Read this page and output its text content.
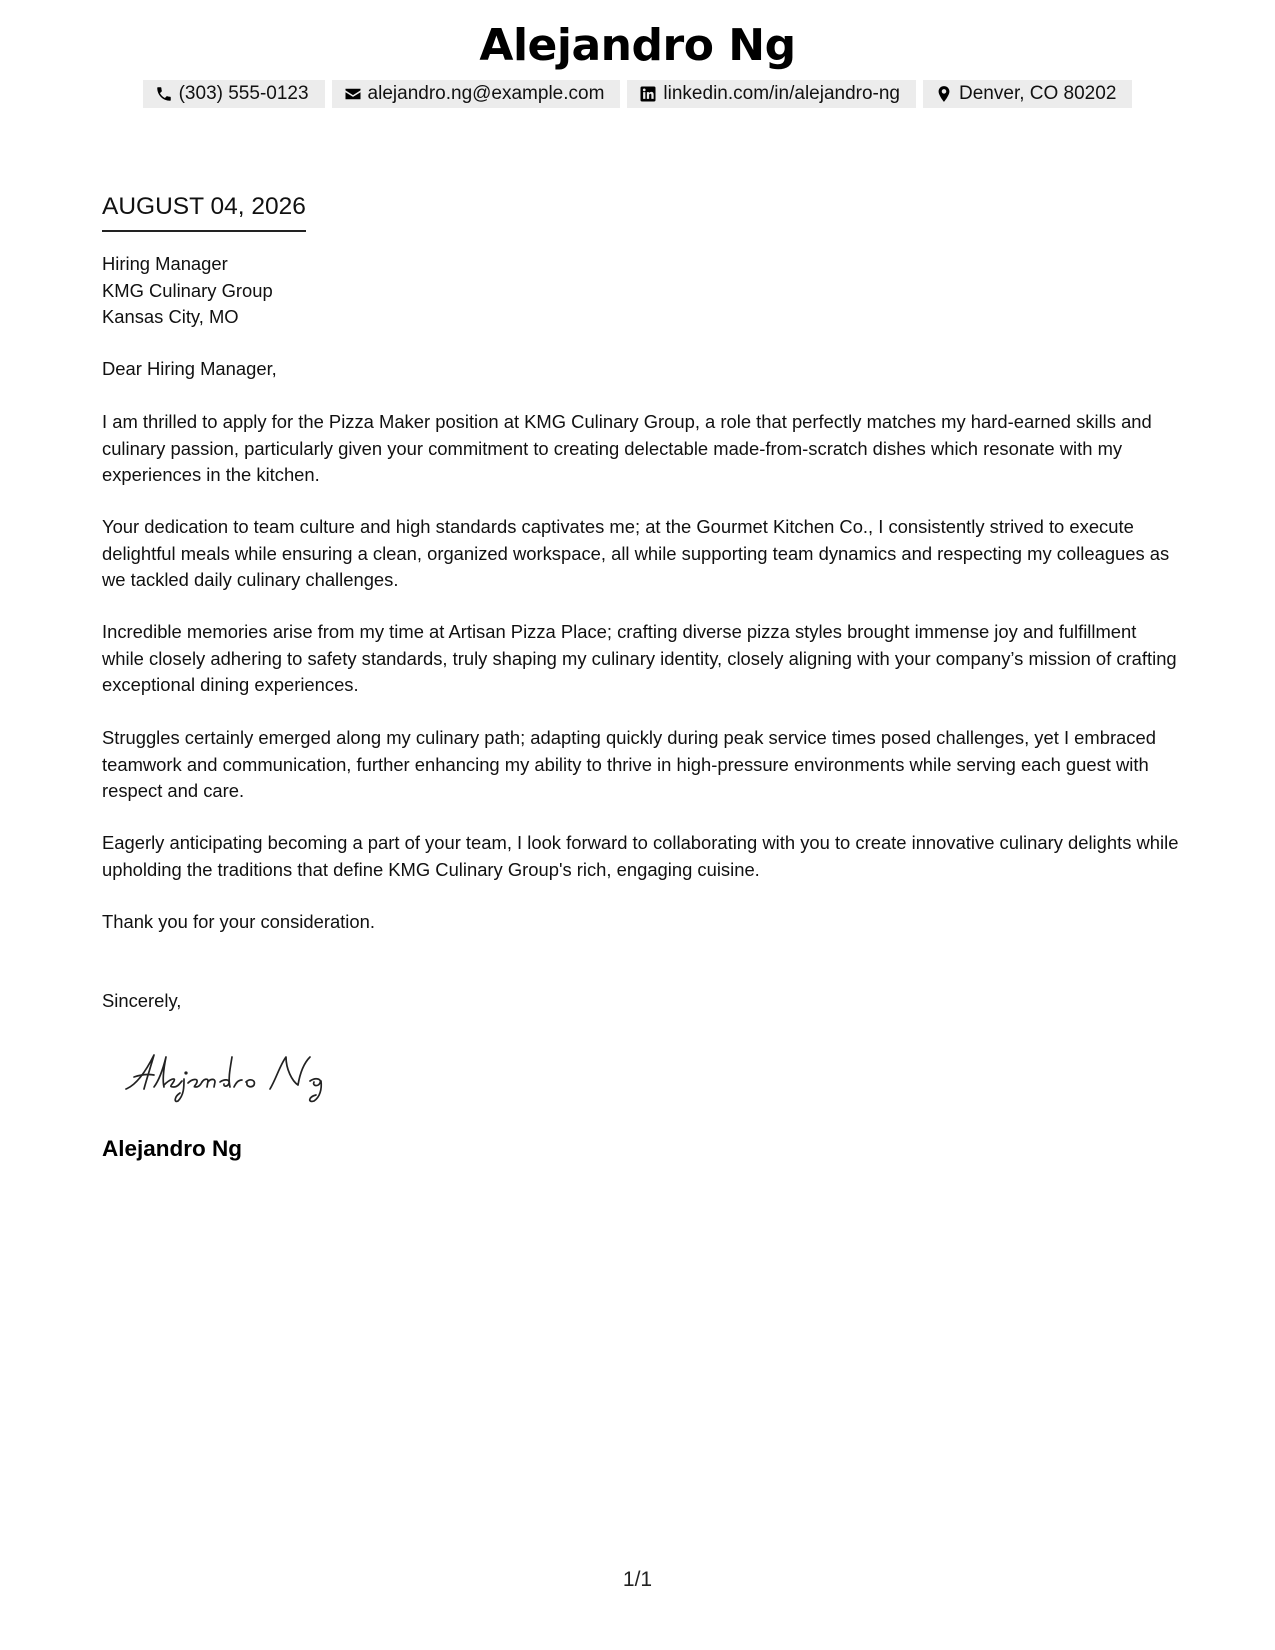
Alejandro Ng
(303) 555-0123	alejandro.ng@example.com	linkedin.com/in/alejandro-ng	Denver, CO 80202
AUGUST 04, 2026
Hiring Manager
KMG Culinary Group
Kansas City, MO

Dear Hiring Manager,

I am thrilled to apply for the Pizza Maker position at KMG Culinary Group, a role that perfectly matches my hard-earned skills and culinary passion, particularly given your commitment to creating delectable made-from-scratch dishes which resonate with my experiences in the kitchen.

Your dedication to team culture and high standards captivates me; at the Gourmet Kitchen Co., I consistently strived to execute delightful meals while ensuring a clean, organized workspace, all while supporting team dynamics and respecting my colleagues as we tackled daily culinary challenges.

Incredible memories arise from my time at Artisan Pizza Place; crafting diverse pizza styles brought immense joy and fulfillment while closely adhering to safety standards, truly shaping my culinary identity, closely aligning with your company’s mission of crafting exceptional dining experiences.

Struggles certainly emerged along my culinary path; adapting quickly during peak service times posed challenges, yet I embraced teamwork and communication, further enhancing my ability to thrive in high-pressure environments while serving each guest with respect and care.

Eagerly anticipating becoming a part of your team, I look forward to collaborating with you to create innovative culinary delights while upholding the traditions that define KMG Culinary Group's rich, engaging cuisine.

Thank you for your consideration.

Sincerely,

Alejandro Ng
1/1
